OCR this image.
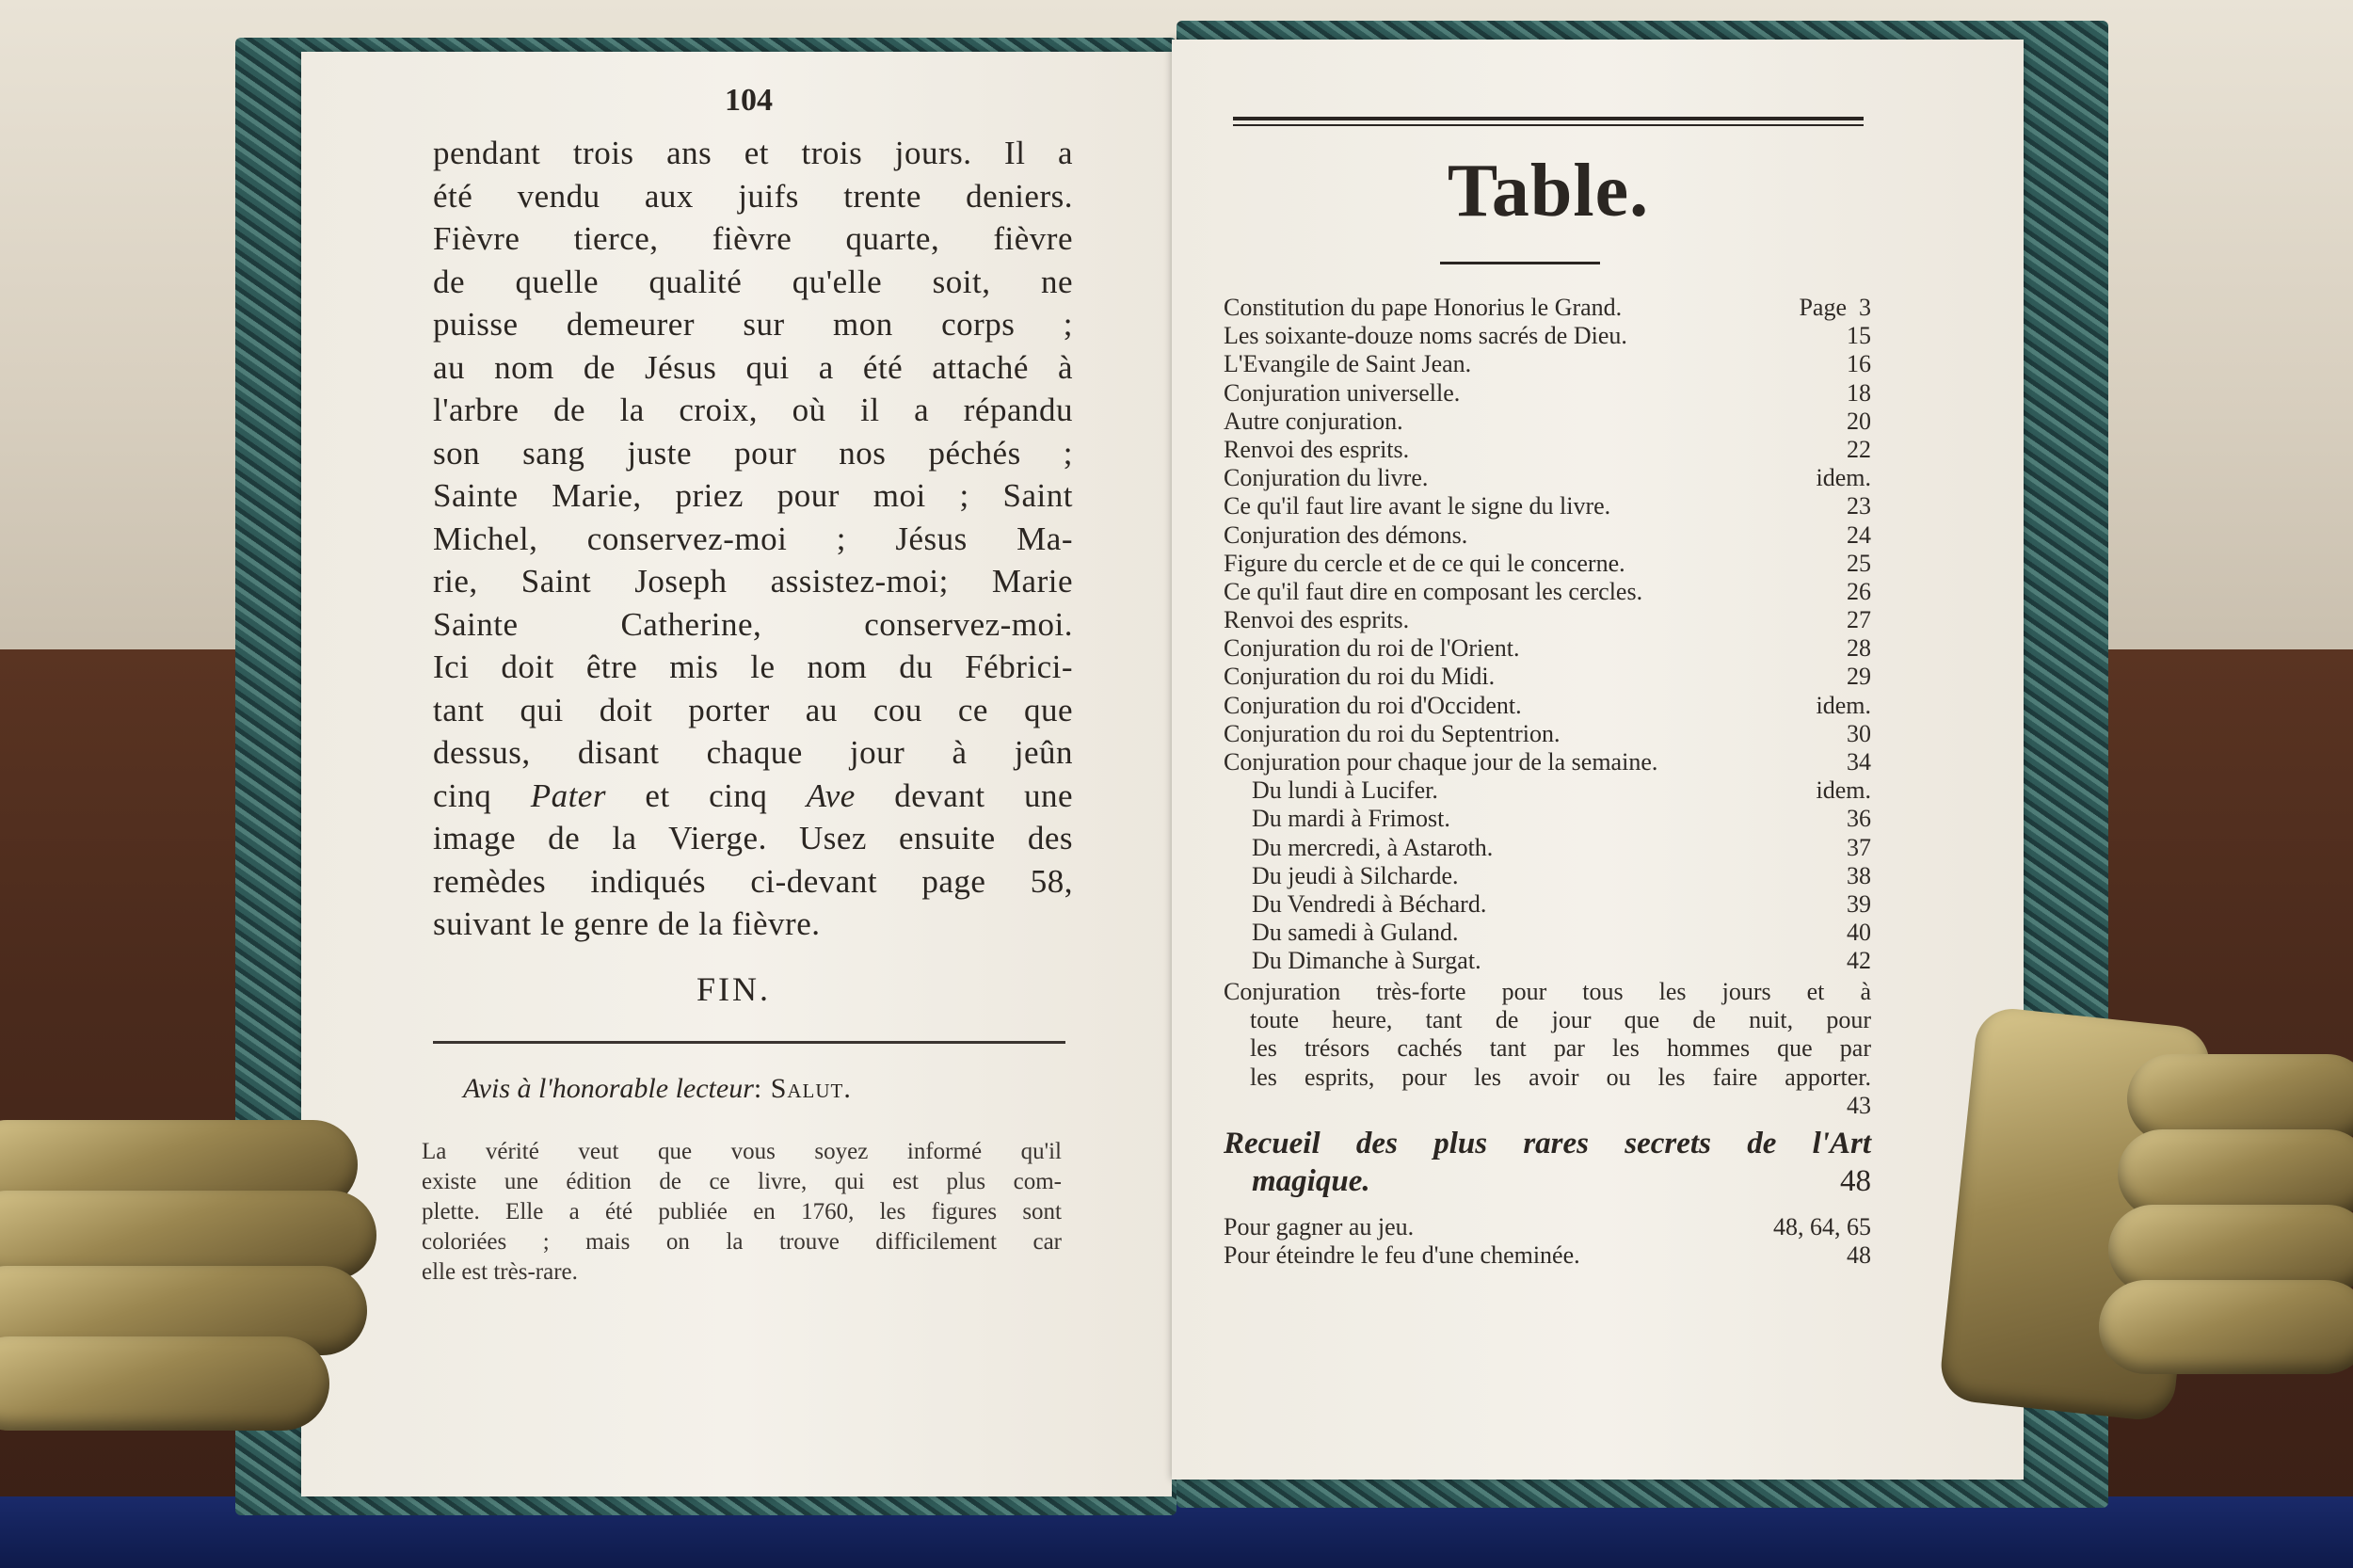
104
pendant trois ans et trois jours. Il a
été vendu aux juifs trente deniers.
Fièvre tierce, fièvre quarte, fièvre
de quelle qualité qu'elle soit, ne
puisse demeurer sur mon corps ;
au nom de Jésus qui a été attaché à
l'arbre de la croix, où il a répandu
son sang juste pour nos péchés ;
Sainte Marie, priez pour moi ; Saint
Michel, conservez-moi ; Jésus Ma-
rie, Saint Joseph assistez-moi; Marie
Sainte Catherine, conservez-moi.
Ici doit être mis le nom du Fébrici-
tant qui doit porter au cou ce que
dessus, disant chaque jour à jeûn
cinq Pater et cinq Ave devant une
image de la Vierge. Usez ensuite des
remèdes indiqués ci-devant page 58,
suivant le genre de la fièvre.
FIN.
Avis à l'honorable lecteur: Salut.
La vérité veut que vous soyez informé qu'il
existe une édition de ce livre, qui est plus com-
plette. Elle a été publiée en 1760, les figures sont
coloriées ; mais on la trouve difficilement car
elle est très-rare.
Table.
Constitution du pape Honorius le Grand.	Page  3
Les soixante-douze noms sacrés de Dieu.	15
L'Evangile de Saint Jean.	16
Conjuration universelle.	18
Autre conjuration.	20
Renvoi des esprits.	22
Conjuration du livre.	idem.
Ce qu'il faut lire avant le signe du livre.	23
Conjuration des démons.	24
Figure du cercle et de ce qui le concerne.	25
Ce qu'il faut dire en composant les cercles.	26
Renvoi des esprits.	27
Conjuration du roi de l'Orient.	28
Conjuration du roi du Midi.	29
Conjuration du roi d'Occident.	idem.
Conjuration du roi du Septentrion.	30
Conjuration pour chaque jour de la semaine.	34
Du lundi à Lucifer.	idem.
Du mardi à Frimost.	36
Du mercredi, à Astaroth.	37
Du jeudi à Silcharde.	38
Du Vendredi à Béchard.	39
Du samedi à Guland.	40
Du Dimanche à Surgat.	42
Conjuration très-forte pour tous les jours et à
toute heure, tant de jour que de nuit, pour
les trésors cachés tant par les hommes que par
les esprits, pour les avoir ou les faire apporter.
43
Recueil des plus rares secrets de l'Art
magique.	48
Pour gagner au jeu.	48, 64, 65
Pour éteindre le feu d'une cheminée.	48
